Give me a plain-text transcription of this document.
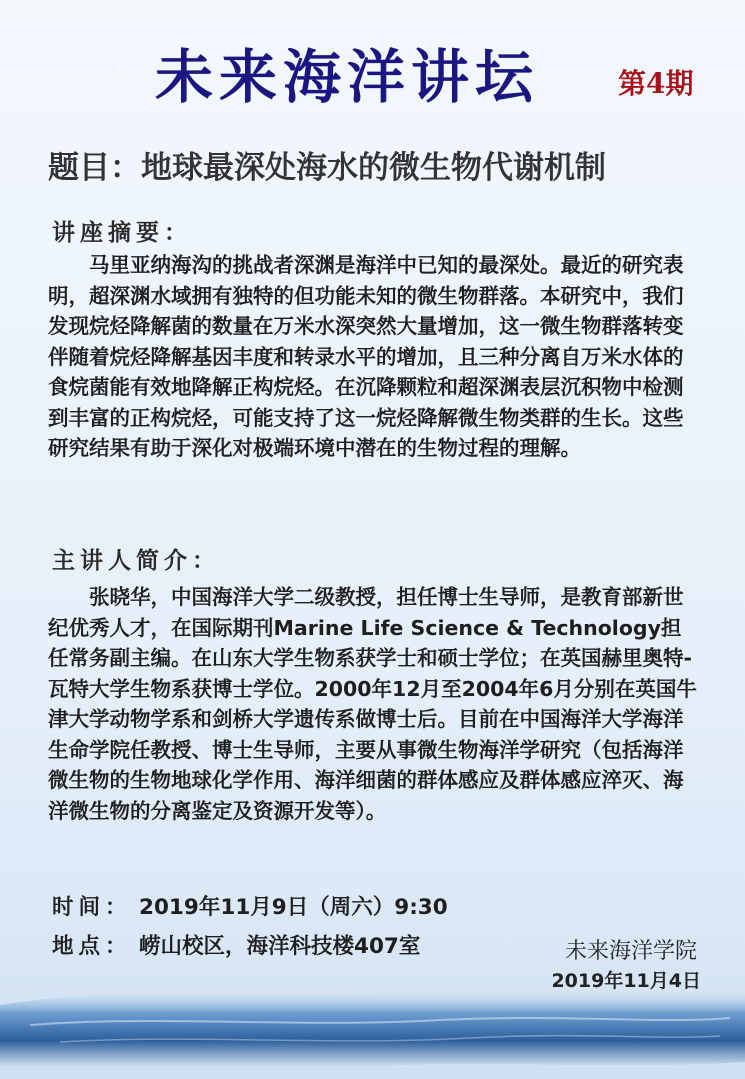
未来海洋讲坛	第4期
题目：地球最深处海水的微生物代谢机制
讲座摘要：

马里亚纳海沟的挑战者深渊是海洋中已知的最深处。最近的研究表明，超深渊水域拥有独特的但功能未知的微生物群落。本研究中，我们发现烷烃降解菌的数量在万米水深突然大量增加，这一微生物群落转变伴随着烷烃降解基因丰度和转录水平的增加，且三种分离自万米水体的食烷菌能有效地降解正构烷烃。在沉降颗粒和超深渊表层沉积物中检测到丰富的正构烷烃，可能支持了这一烷烃降解微生物类群的生长。这些研究结果有助于深化对极端环境中潜在的生物过程的理解。

主讲人简介：

张晓华，中国海洋大学二级教授，担任博士生导师，是教育部新世纪优秀人才，在国际期刊Marine Life Science & Technology担任常务副主编。在山东大学生物系获学士和硕士学位；在英国赫里奥特-瓦特大学生物系获博士学位。2000年12月至2004年6月分别在英国牛津大学动物学系和剑桥大学遗传系做博士后。目前在中国海洋大学海洋生命学院任教授、博士生导师，主要从事微生物海洋学研究（包括海洋微生物的生物地球化学作用、海洋细菌的群体感应及群体感应淬灭、海洋微生物的分离鉴定及资源开发等）。

时间： 2019年11月9日（周六）9:30
地点： 崂山校区，海洋科技楼407室	未来海洋学院
2019年11月4日
